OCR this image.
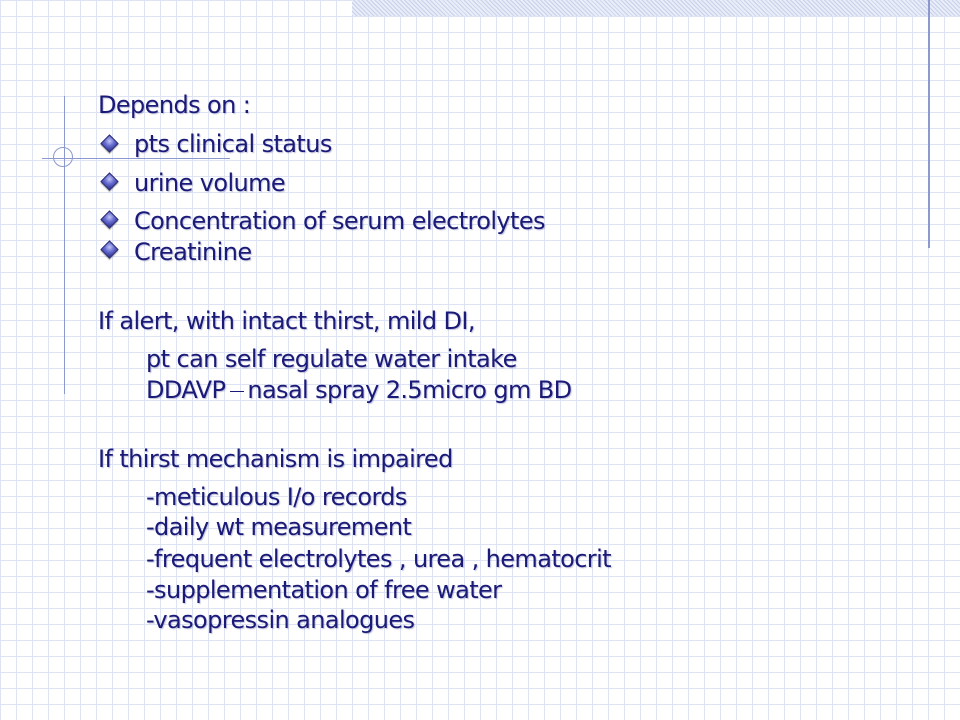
Depends on :

pts clinical status

urine volume

Concentration of serum electrolytes

Creatinine

If alert, with intact thirst, mild DI,

pt can self regulate water intake

DDAVP nasal spray 2.5micro gm BD

If thirst mechanism is impaired

-meticulous I/o records

-daily wt measurement

-frequent electrolytes , urea , hematocrit

-supplementation of free water

-vasopressin analogues
